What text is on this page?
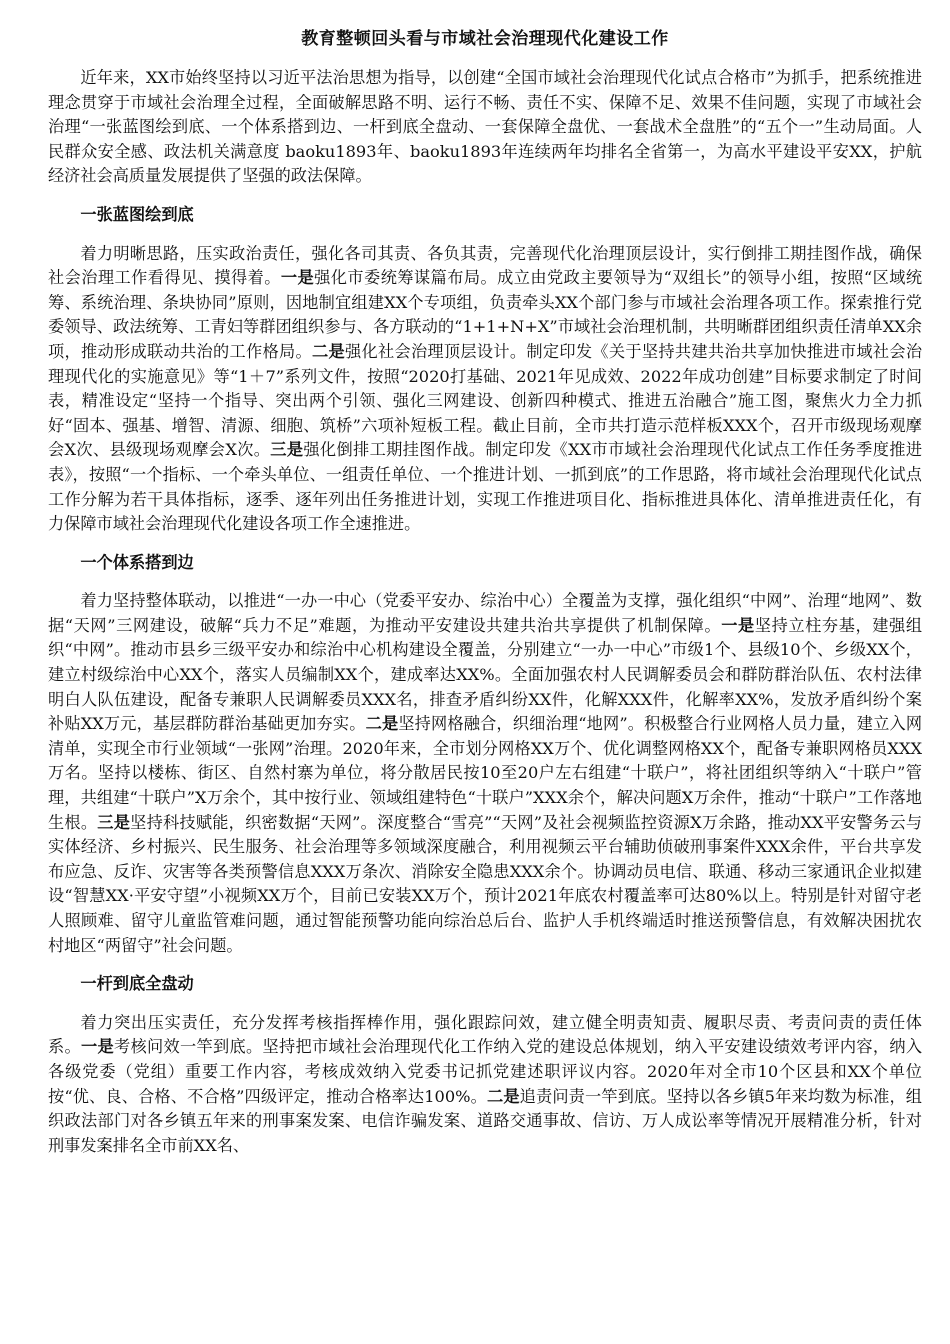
教育整顿回头看与市域社会治理现代化建设工作

近年来，XX市始终坚持以习近平法治思想为指导，以创建“全国市域社会治理现代化试点合格市”为抓手，把系统推进理念贯穿于市域社会治理全过程，全面破解思路不明、运行不畅、责任不实、保障不足、效果不佳问题，实现了市域社会治理“一张蓝图绘到底、一个体系搭到边、一杆到底全盘动、一套保障全盘优、一套战术全盘胜”的“五个一”生动局面。人民群众安全感、政法机关满意度 baoku1893年、baoku1893年连续两年均排名全省第一，为高水平建设平安XX，护航经济社会高质量发展提供了坚强的政法保障。

一张蓝图绘到底

着力明晰思路，压实政治责任，强化各司其责、各负其责，完善现代化治理顶层设计，实行倒排工期挂图作战，确保社会治理工作看得见、摸得着。一是强化市委统筹谋篇布局。成立由党政主要领导为“双组长”的领导小组，按照“区域统筹、系统治理、条块协同”原则，因地制宜组建XX个专项组，负责牵头XX个部门参与市域社会治理各项工作。探索推行党委领导、政法统筹、工青妇等群团组织参与、各方联动的“1+1+N+X”市域社会治理机制，共明晰群团组织责任清单XX余项，推动形成联动共治的工作格局。二是强化社会治理顶层设计。制定印发《关于坚持共建共治共享加快推进市域社会治理现代化的实施意见》等“1＋7”系列文件，按照“2020打基础、2021年见成效、2022年成功创建”目标要求制定了时间表，精准设定“坚持一个指导、突出两个引领、强化三网建设、创新四种模式、推进五治融合”施工图，聚焦火力全力抓好“固本、强基、增智、清源、细胞、筑桥”六项补短板工程。截止目前，全市共打造示范样板XXX个，召开市级现场观摩会X次、县级现场观摩会X次。三是强化倒排工期挂图作战。制定印发《XX市市域社会治理现代化试点工作任务季度推进表》，按照“一个指标、一个牵头单位、一组责任单位、一个推进计划、一抓到底”的工作思路，将市域社会治理现代化试点工作分解为若干具体指标，逐季、逐年列出任务推进计划，实现工作推进项目化、指标推进具体化、清单推进责任化，有力保障市域社会治理现代化建设各项工作全速推进。

一个体系搭到边

着力坚持整体联动，以推进“一办一中心（党委平安办、综治中心）全覆盖为支撑，强化组织“中网”、治理“地网”、数据“天网”三网建设，破解“兵力不足”难题，为推动平安建设共建共治共享提供了机制保障。一是坚持立柱夯基，建强组织“中网”。推动市县乡三级平安办和综治中心机构建设全覆盖，分别建立“一办一中心”市级1个、县级10个、乡级XX个，建立村级综治中心XX个，落实人员编制XX个，建成率达XX%。全面加强农村人民调解委员会和群防群治队伍、农村法律明白人队伍建设，配备专兼职人民调解委员XXX名，排查矛盾纠纷XX件，化解XXX件，化解率XX%，发放矛盾纠纷个案补贴XX万元，基层群防群治基础更加夯实。二是坚持网格融合，织细治理“地网”。积极整合行业网格人员力量，建立入网清单，实现全市行业领域“一张网”治理。2020年来，全市划分网格XX万个、优化调整网格XX个，配备专兼职网格员XXX万名。坚持以楼栋、街区、自然村寨为单位，将分散居民按10至20户左右组建“十联户”，将社团组织等纳入“十联户”管理，共组建“十联户”X万余个，其中按行业、领域组建特色“十联户”XXX余个，解决问题X万余件，推动“十联户”工作落地生根。三是坚持科技赋能，织密数据“天网”。深度整合“雪亮”“天网”及社会视频监控资源X万余路，推动XX平安警务云与实体经济、乡村振兴、民生服务、社会治理等多领域深度融合，利用视频云平台辅助侦破刑事案件XXX余件，平台共享发布应急、反诈、灾害等各类预警信息XXX万条次、消除安全隐患XXX余个。协调动员电信、联通、移动三家通讯企业拟建设“智慧XX·平安守望”小视频XX万个，目前已安装XX万个，预计2021年底农村覆盖率可达80%以上。特别是针对留守老人照顾难、留守儿童监管难问题，通过智能预警功能向综治总后台、监护人手机终端适时推送预警信息，有效解决困扰农村地区“两留守”社会问题。

一杆到底全盘动

着力突出压实责任，充分发挥考核指挥棒作用，强化跟踪问效，建立健全明责知责、履职尽责、考责问责的责任体系。一是考核问效一竿到底。坚持把市域社会治理现代化工作纳入党的建设总体规划，纳入平安建设绩效考评内容，纳入各级党委（党组）重要工作内容，考核成效纳入党委书记抓党建述职评议内容。2020年对全市10个区县和XX个单位按“优、良、合格、不合格”四级评定，推动合格率达100%。二是追责问责一竿到底。坚持以各乡镇5年来均数为标准，组织政法部门对各乡镇五年来的刑事案发案、电信诈骗发案、道路交通事故、信访、万人成讼率等情况开展精准分析，针对刑事发案排名全市前XX名、
